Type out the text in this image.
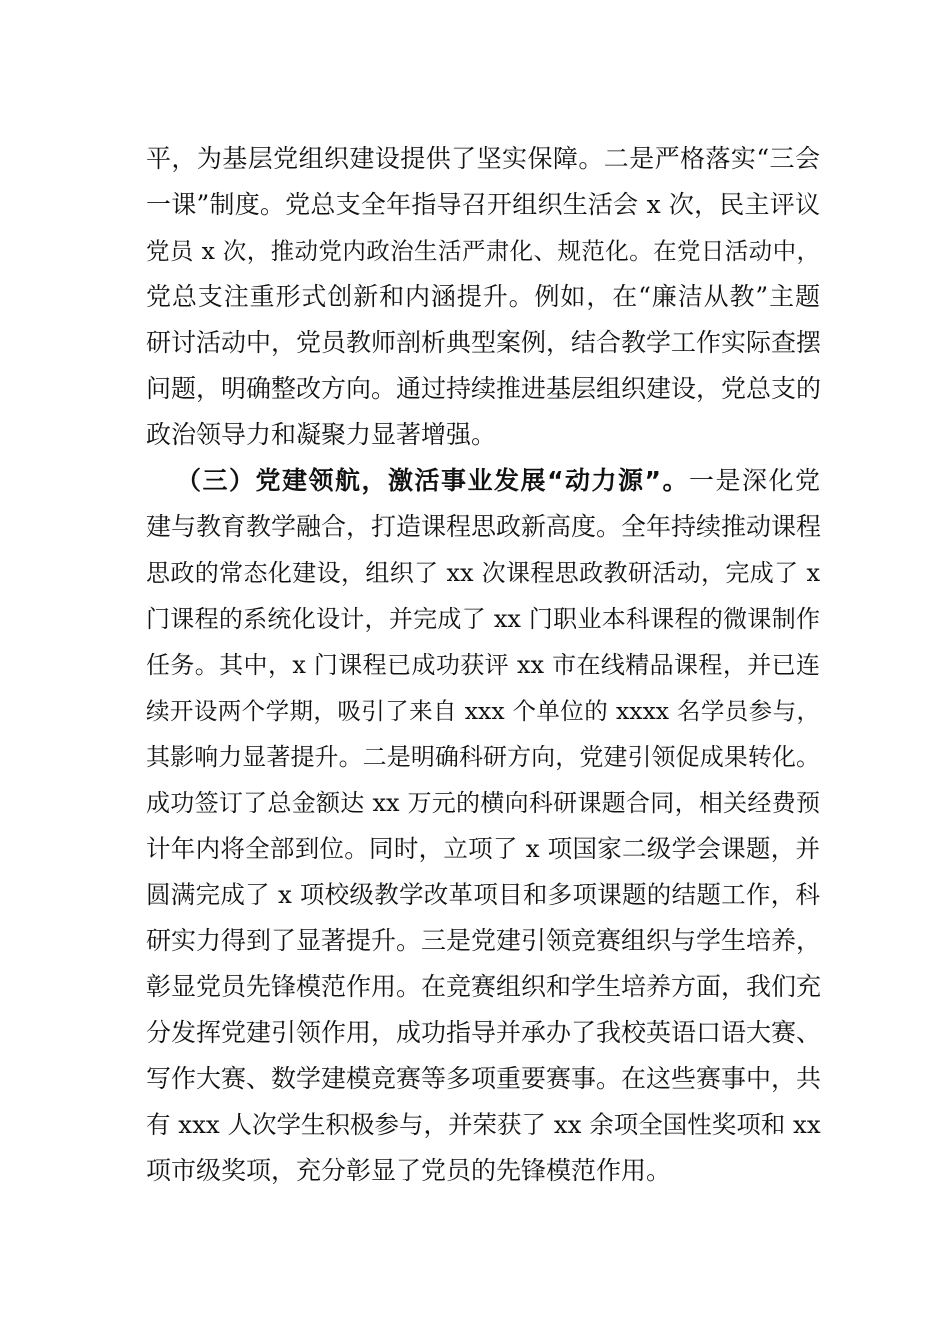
平，为基层党组织建设提供了坚实保障。二是严格落实“三会
一课”制度。党总支全年指导召开组织生活会 x 次，民主评议
党员 x 次，推动党内政治生活严肃化、规范化。在党日活动中，
党总支注重形式创新和内涵提升。例如，在“廉洁从教”主题
研讨活动中，党员教师剖析典型案例，结合教学工作实际查摆
问题，明确整改方向。通过持续推进基层组织建设，党总支的
政治领导力和凝聚力显著增强。
（三）党建领航，激活事业发展“动力源”。一是深化党
建与教育教学融合，打造课程思政新高度。全年持续推动课程
思政的常态化建设，组织了 xx 次课程思政教研活动，完成了 x
门课程的系统化设计，并完成了 xx 门职业本科课程的微课制作
任务。其中，x 门课程已成功获评 xx 市在线精品课程，并已连
续开设两个学期，吸引了来自 xxx 个单位的 xxxx 名学员参与，
其影响力显著提升。二是明确科研方向，党建引领促成果转化。
成功签订了总金额达 xx 万元的横向科研课题合同，相关经费预
计年内将全部到位。同时，立项了 x 项国家二级学会课题，并
圆满完成了 x 项校级教学改革项目和多项课题的结题工作，科
研实力得到了显著提升。三是党建引领竞赛组织与学生培养，
彰显党员先锋模范作用。在竞赛组织和学生培养方面，我们充
分发挥党建引领作用，成功指导并承办了我校英语口语大赛、
写作大赛、数学建模竞赛等多项重要赛事。在这些赛事中，共
有 xxx 人次学生积极参与，并荣获了 xx 余项全国性奖项和 xx
项市级奖项，充分彰显了党员的先锋模范作用。
